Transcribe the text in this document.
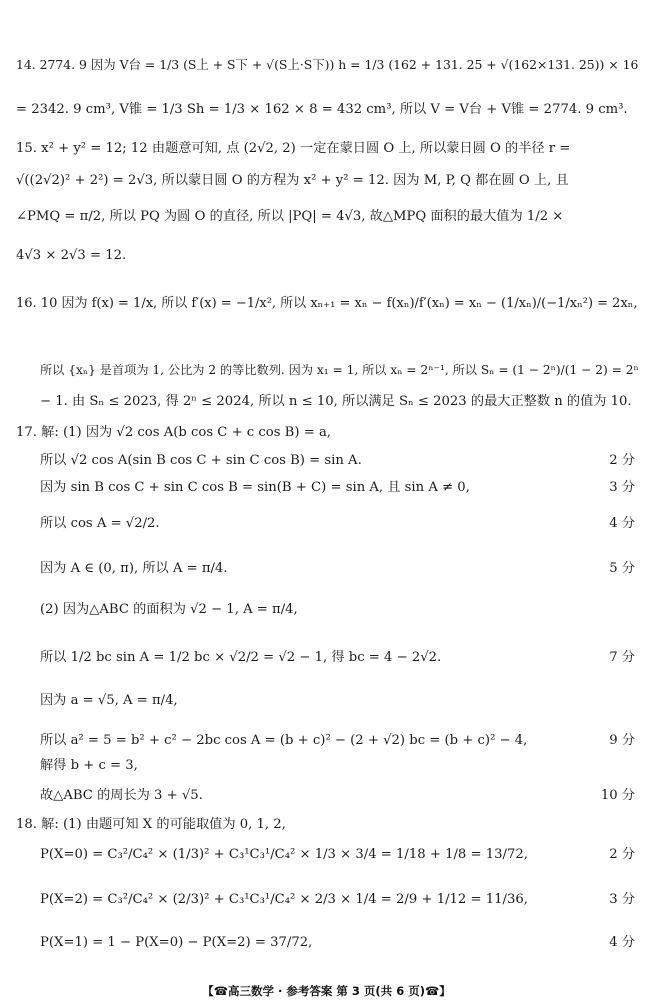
14. 2774. 9 因为 V台 = 1/3 (S上 + S下 + √(S上·S下)) h = 1/3 (162 + 131. 25 + √(162×131. 25)) × 16
= 2342. 9 cm³, V锥 = 1/3 Sh = 1/3 × 162 × 8 = 432 cm³, 所以 V = V台 + V锥 = 2774. 9 cm³.
15. x² + y² = 12; 12 由题意可知, 点 (2√2, 2) 一定在蒙日圆 O 上, 所以蒙日圆 O 的半径 r =
√((2√2)² + 2²) = 2√3, 所以蒙日圆 O 的方程为 x² + y² = 12. 因为 M, P, Q 都在圆 O 上, 且
∠PMQ = π/2, 所以 PQ 为圆 O 的直径, 所以 |PQ| = 4√3, 故△MPQ 面积的最大值为 1/2 ×
4√3 × 2√3 = 12.
16. 10 因为 f(x) = 1/x, 所以 f′(x) = −1/x², 所以 xₙ₊₁ = xₙ − f(xₙ)/f′(xₙ) = xₙ − (1/xₙ)/(−1/xₙ²) = 2xₙ,
所以 {xₙ} 是首项为 1, 公比为 2 的等比数列. 因为 x₁ = 1, 所以 xₙ = 2ⁿ⁻¹, 所以 Sₙ = (1 − 2ⁿ)/(1 − 2) = 2ⁿ
− 1. 由 Sₙ ≤ 2023, 得 2ⁿ ≤ 2024, 所以 n ≤ 10, 所以满足 Sₙ ≤ 2023 的最大正整数 n 的值为 10.
17. 解: (1) 因为 √2 cos A(b cos C + c cos B) = a,
所以 √2 cos A(sin B cos C + sin C cos B) = sin A.	2 分
因为 sin B cos C + sin C cos B = sin(B + C) = sin A, 且 sin A ≠ 0,	3 分
所以 cos A = √2/2.	4 分
因为 A ∈ (0, π), 所以 A = π/4.	5 分
(2) 因为△ABC 的面积为 √2 − 1, A = π/4,
所以 1/2 bc sin A = 1/2 bc × √2/2 = √2 − 1, 得 bc = 4 − 2√2.	7 分
因为 a = √5, A = π/4,
所以 a² = 5 = b² + c² − 2bc cos A = (b + c)² − (2 + √2) bc = (b + c)² − 4,	9 分
解得 b + c = 3,
故△ABC 的周长为 3 + √5.	10 分
18. 解: (1) 由题可知 X 的可能取值为 0, 1, 2,
P(X=0) = C₃²/C₄² × (1/3)² + C₃¹C₃¹/C₄² × 1/3 × 3/4 = 1/18 + 1/8 = 13/72,	2 分
P(X=2) = C₃²/C₄² × (2/3)² + C₃¹C₃¹/C₄² × 2/3 × 1/4 = 2/9 + 1/12 = 11/36,	3 分
P(X=1) = 1 − P(X=0) − P(X=2) = 37/72,	4 分
【☎高三数学 · 参考答案 第 3 页(共 6 页)☎】
